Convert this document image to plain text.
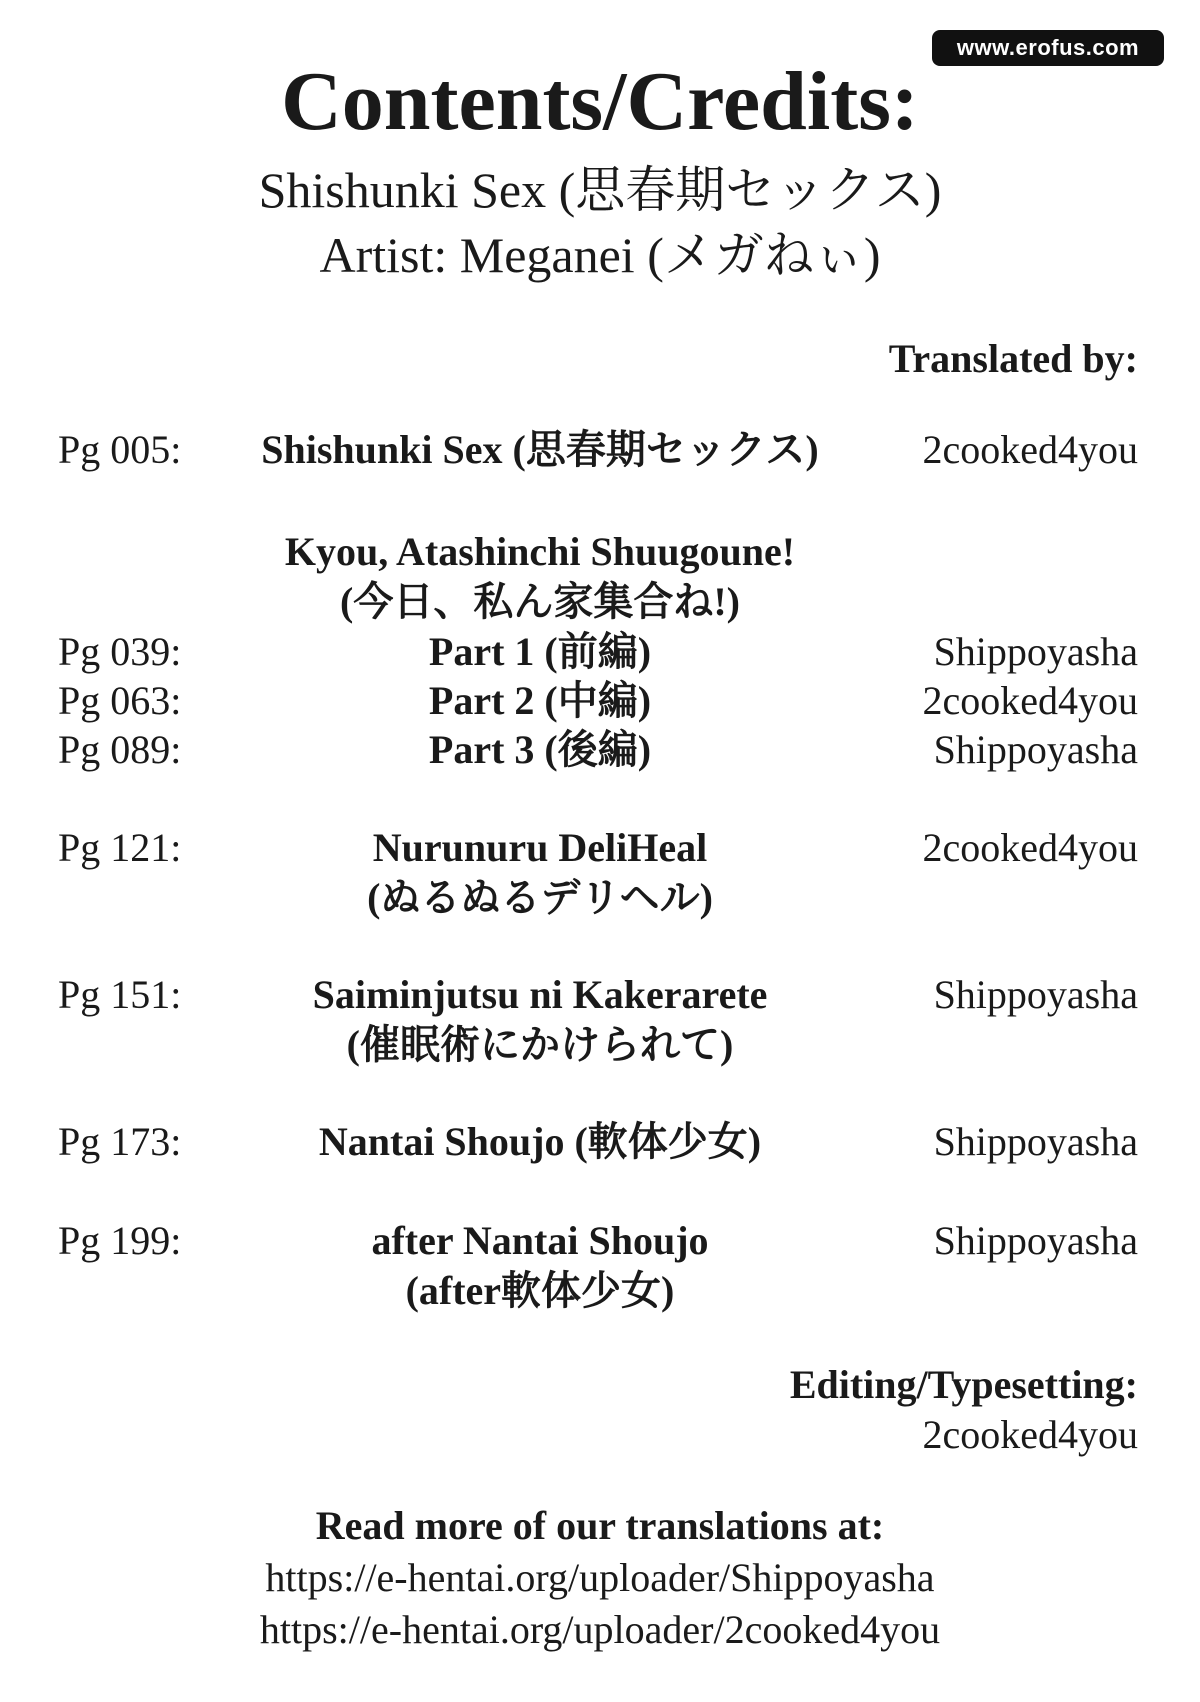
www.erofus.com
Contents/Credits:
Shishunki Sex (思春期セックス)
Artist: Meganei (メガねぃ)
Translated by:
Pg 005:	Shishunki Sex (思春期セックス)	2cooked4you
Kyou, Atashinchi Shuugoune!
(今日、私ん家集合ね!)
Pg 039:	Part 1 (前編)	Shippoyasha
Pg 063:	Part 2 (中編)	2cooked4you
Pg 089:	Part 3 (後編)	Shippoyasha
Pg 121:	Nurunuru DeliHeal	2cooked4you
(ぬるぬるデリヘル)
Pg 151:	Saiminjutsu ni Kakerarete	Shippoyasha
(催眠術にかけられて)
Pg 173:	Nantai Shoujo (軟体少女)	Shippoyasha
Pg 199:	after Nantai Shoujo	Shippoyasha
(after軟体少女)
Editing/Typesetting:
2cooked4you
Read more of our translations at:
https://e-hentai.org/uploader/Shippoyasha
https://e-hentai.org/uploader/2cooked4you
